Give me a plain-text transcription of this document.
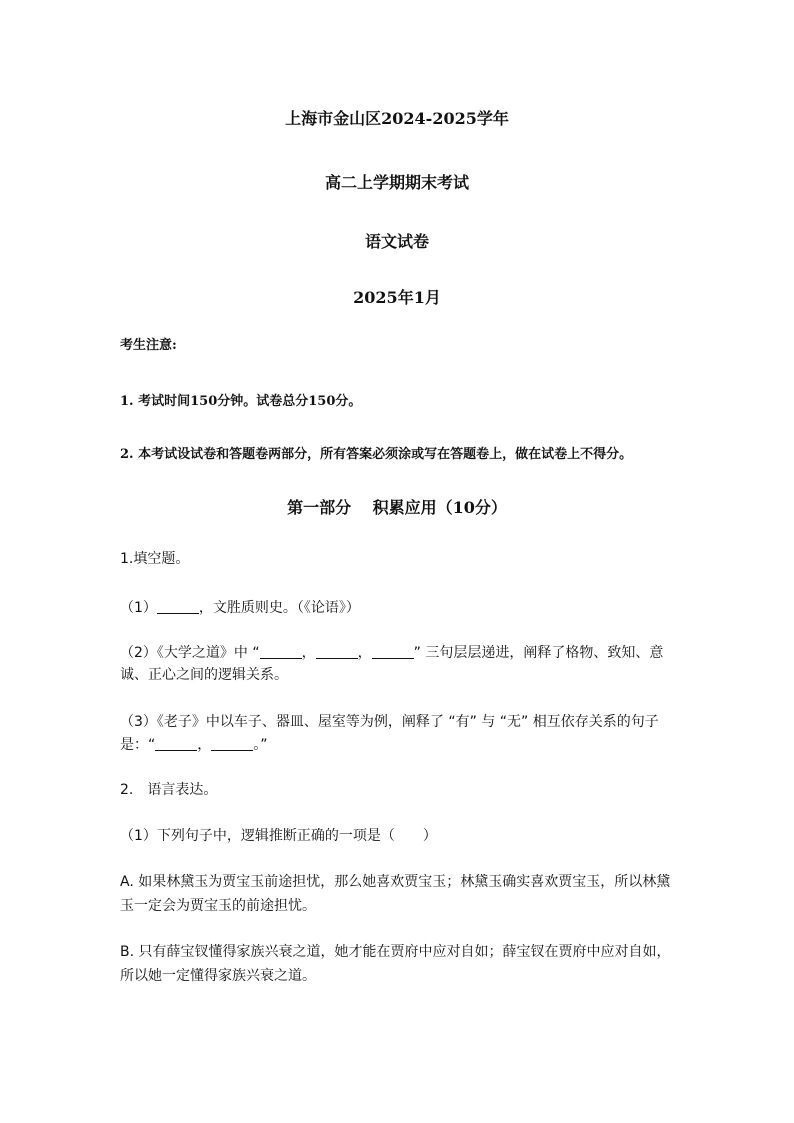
上海市金山区2024-2025学年
高二上学期期末考试
语文试卷
2025年1月
考生注意:
1. 考试时间150分钟。试卷总分150分。
2. 本考试设试卷和答题卷两部分，所有答案必须涂或写在答题卷上，做在试卷上不得分。
第一部分　 积累应用（10分）
1.填空题。
（1）	，文胜质则史。（《论语》）
（2）《大学之道》中 “	，	，	” 三句层层递进，阐释了格物、致知、意
诚、正心之间的逻辑关系。
（3）《老子》中以车子、器皿、屋室等为例，阐释了 “有” 与 “无” 相互依存关系的句子
是：“	，	。”
2.　语言表达。
（1）下列句子中，逻辑推断正确的一项是（　　）
A. 如果林黛玉为贾宝玉前途担忧，那么她喜欢贾宝玉；林黛玉确实喜欢贾宝玉，所以林黛
玉一定会为贾宝玉的前途担忧。
B. 只有薛宝钗懂得家族兴衰之道，她才能在贾府中应对自如；薛宝钗在贾府中应对自如，
所以她一定懂得家族兴衰之道。
